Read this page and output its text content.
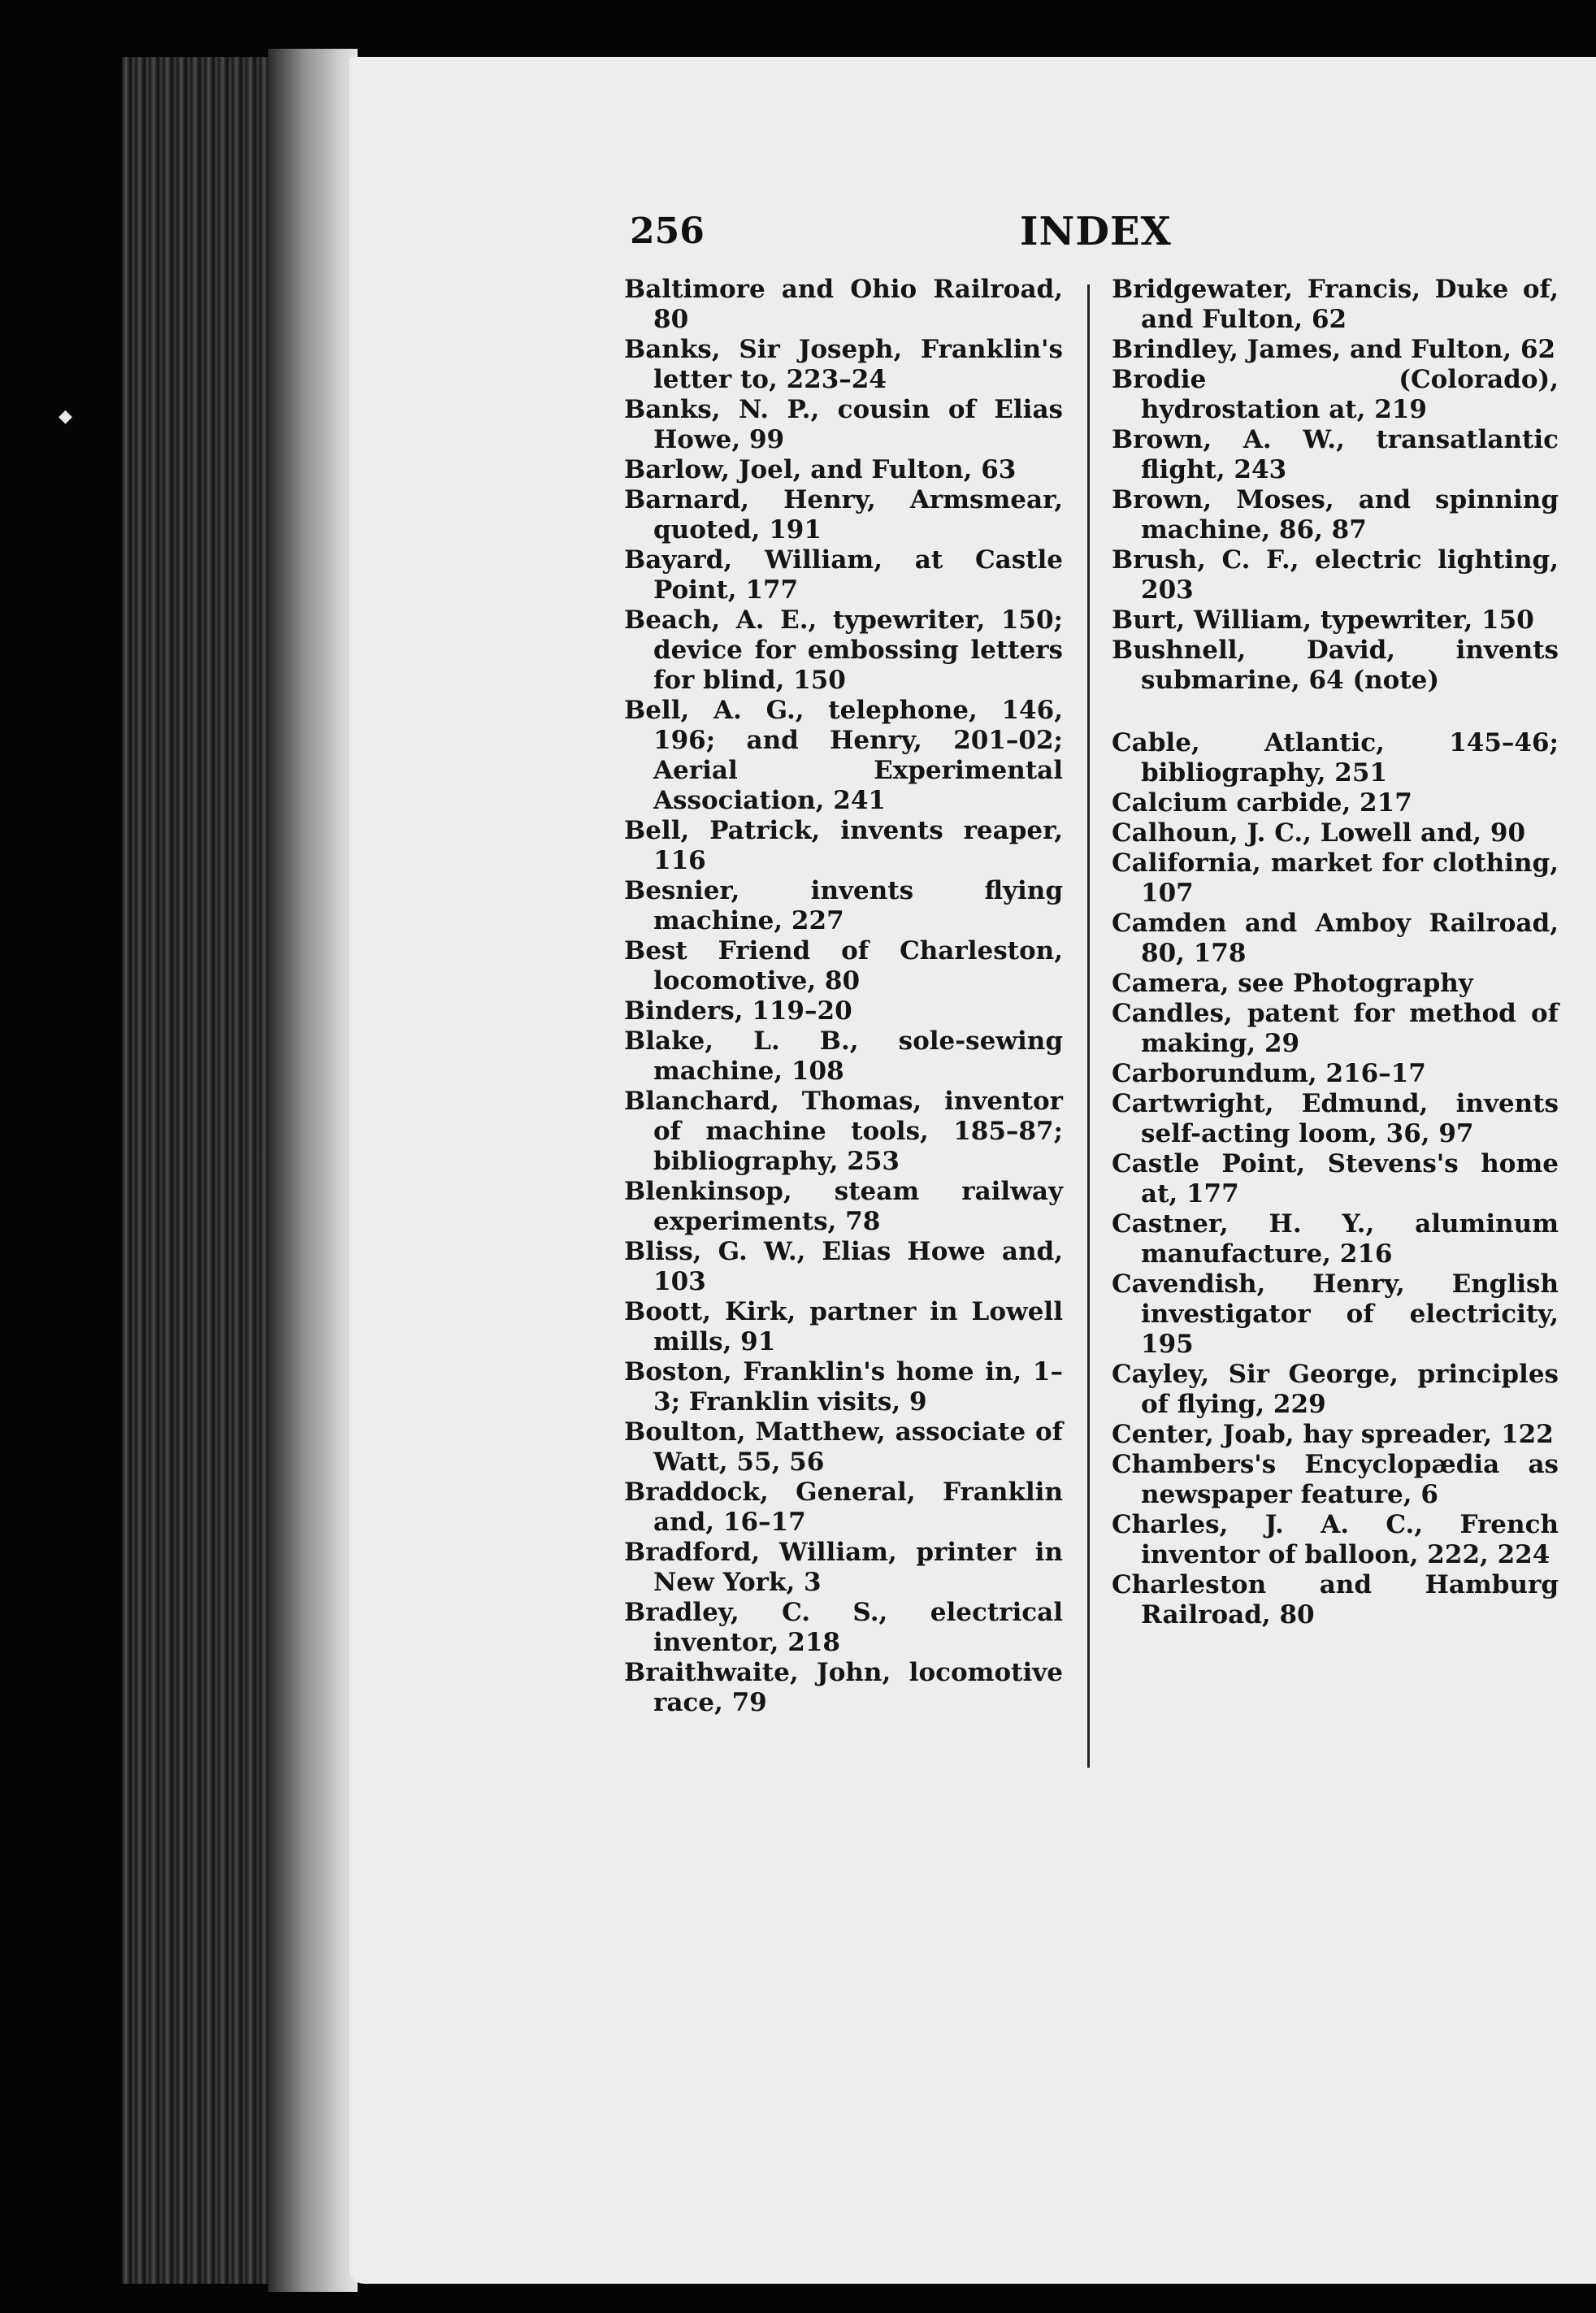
◆
256	INDEX

Baltimore and Ohio Railroad, 80

Banks, Sir Joseph, Franklin's letter to, 223–24

Banks, N. P., cousin of Elias Howe, 99

Barlow, Joel, and Fulton, 63

Barnard, Henry, Armsmear, quoted, 191

Bayard, William, at Castle Point, 177

Beach, A. E., typewriter, 150; device for embossing letters for blind, 150

Bell, A. G., telephone, 146, 196; and Henry, 201–02; Aerial Experimental Association, 241

Bell, Patrick, invents reaper, 116

Besnier, invents flying machine, 227

Best Friend of Charleston, locomotive, 80

Binders, 119–20

Blake, L. B., sole-sewing machine, 108

Blanchard, Thomas, inventor of machine tools, 185–87; bibliography, 253

Blenkinsop, steam railway experiments, 78

Bliss, G. W., Elias Howe and, 103

Boott, Kirk, partner in Lowell mills, 91

Boston, Franklin's home in, 1–3; Franklin visits, 9

Boulton, Matthew, associate of Watt, 55, 56

Braddock, General, Franklin and, 16–17

Bradford, William, printer in New York, 3

Bradley, C. S., electrical inventor, 218

Braithwaite, John, locomotive race, 79

Bridgewater, Francis, Duke of, and Fulton, 62

Brindley, James, and Fulton, 62

Brodie (Colorado), hydrostation at, 219

Brown, A. W., transatlantic flight, 243

Brown, Moses, and spinning machine, 86, 87

Brush, C. F., electric lighting, 203

Burt, William, typewriter, 150

Bushnell, David, invents submarine, 64 (note)

Cable, Atlantic, 145–46; bibliography, 251

Calcium carbide, 217

Calhoun, J. C., Lowell and, 90

California, market for clothing, 107

Camden and Amboy Railroad, 80, 178

Camera, see Photography

Candles, patent for method of making, 29

Carborundum, 216–17

Cartwright, Edmund, invents self-acting loom, 36, 97

Castle Point, Stevens's home at, 177

Castner, H. Y., aluminum manufacture, 216

Cavendish, Henry, English investigator of electricity, 195

Cayley, Sir George, principles of flying, 229

Center, Joab, hay spreader, 122

Chambers's Encyclopædia as newspaper feature, 6

Charles, J. A. C., French inventor of balloon, 222, 224

Charleston and Hamburg Railroad, 80
